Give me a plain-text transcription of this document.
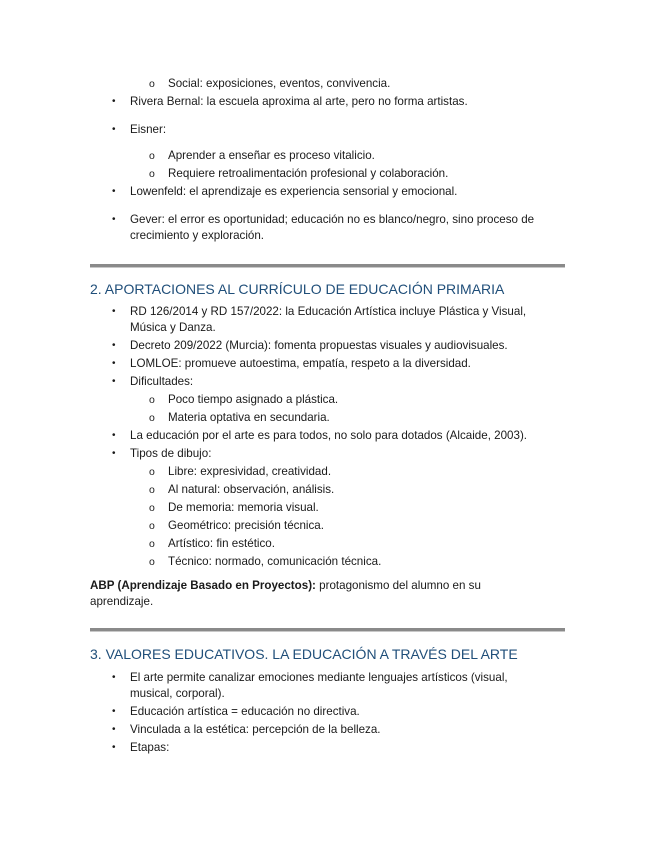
o Social: exposiciones, eventos, convivencia.
• Rivera Bernal: la escuela aproxima al arte, pero no forma artistas.
• Eisner:
o Aprender a enseñar es proceso vitalicio.
o Requiere retroalimentación profesional y colaboración.
• Lowenfeld: el aprendizaje es experiencia sensorial y emocional.
• Gever: el error es oportunidad; educación no es blanco/negro, sino proceso de
crecimiento y exploración.
2. APORTACIONES AL CURRÍCULO DE EDUCACIÓN PRIMARIA
• RD 126/2014 y RD 157/2022: la Educación Artística incluye Plástica y Visual,
Música y Danza.
• Decreto 209/2022 (Murcia): fomenta propuestas visuales y audiovisuales.
• LOMLOE: promueve autoestima, empatía, respeto a la diversidad.
• Dificultades:
o Poco tiempo asignado a plástica.
o Materia optativa en secundaria.
• La educación por el arte es para todos, no solo para dotados (Alcaide, 2003).
• Tipos de dibujo:
o Libre: expresividad, creatividad.
o Al natural: observación, análisis.
o De memoria: memoria visual.
o Geométrico: precisión técnica.
o Artístico: fin estético.
o Técnico: normado, comunicación técnica.
ABP (Aprendizaje Basado en Proyectos): protagonismo del alumno en su
aprendizaje.
3. VALORES EDUCATIVOS. LA EDUCACIÓN A TRAVÉS DEL ARTE
• El arte permite canalizar emociones mediante lenguajes artísticos (visual,
musical, corporal).
• Educación artística = educación no directiva.
• Vinculada a la estética: percepción de la belleza.
• Etapas:
